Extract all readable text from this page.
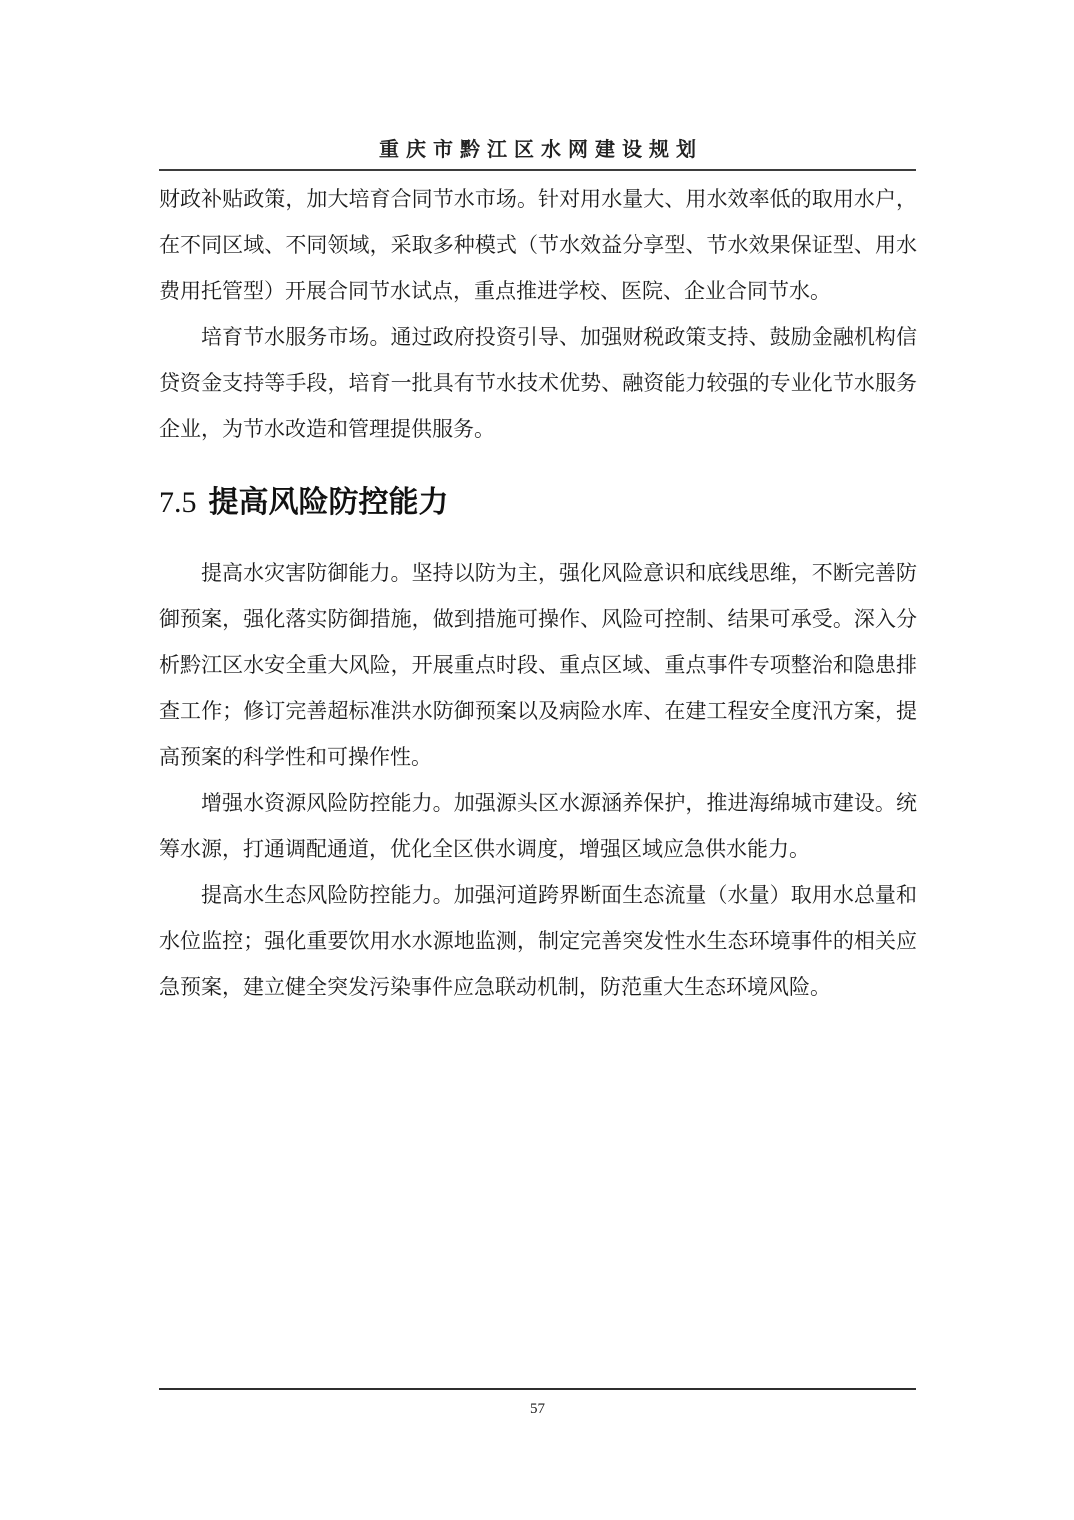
重庆市黔江区水网建设规划

财政补贴政策，加大培育合同节水市场。针对用水量大、用水效率低的取用水户，在不同区域、不同领域，采取多种模式（节水效益分享型、节水效果保证型、用水费用托管型）开展合同节水试点，重点推进学校、医院、企业合同节水。

培育节水服务市场。通过政府投资引导、加强财税政策支持、鼓励金融机构信贷资金支持等手段，培育一批具有节水技术优势、融资能力较强的专业化节水服务企业，为节水改造和管理提供服务。

7.5 提高风险防控能力

提高水灾害防御能力。坚持以防为主，强化风险意识和底线思维，不断完善防御预案，强化落实防御措施，做到措施可操作、风险可控制、结果可承受。深入分析黔江区水安全重大风险，开展重点时段、重点区域、重点事件专项整治和隐患排查工作；修订完善超标准洪水防御预案以及病险水库、在建工程安全度汛方案，提高预案的科学性和可操作性。

增强水资源风险防控能力。加强源头区水源涵养保护，推进海绵城市建设。统筹水源，打通调配通道，优化全区供水调度，增强区域应急供水能力。

提高水生态风险防控能力。加强河道跨界断面生态流量（水量）取用水总量和水位监控；强化重要饮用水水源地监测，制定完善突发性水生态环境事件的相关应急预案，建立健全突发污染事件应急联动机制，防范重大生态环境风险。

57
